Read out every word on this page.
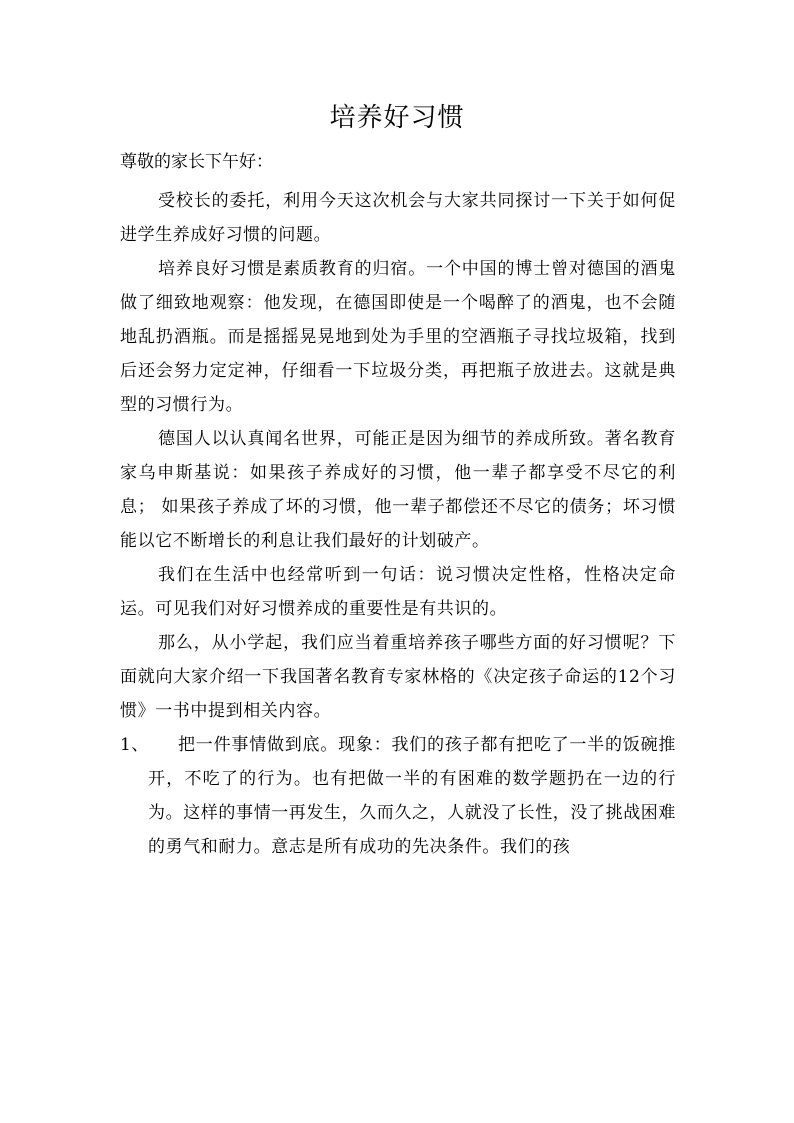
培养好习惯
尊敬的家长下午好：

受校长的委托，利用今天这次机会与大家共同探讨一下关于如何促进学生养成好习惯的问题。

培养良好习惯是素质教育的归宿。一个中国的博士曾对德国的酒鬼做了细致地观察：他发现，在德国即使是一个喝醉了的酒鬼，也不会随地乱扔酒瓶。而是摇摇晃晃地到处为手里的空酒瓶子寻找垃圾箱，找到后还会努力定定神，仔细看一下垃圾分类，再把瓶子放进去。这就是典型的习惯行为。

德国人以认真闻名世界，可能正是因为细节的养成所致。著名教育家乌申斯基说：如果孩子养成好的习惯，他一辈子都享受不尽它的利息； 如果孩子养成了坏的习惯，他一辈子都偿还不尽它的债务；坏习惯能以它不断增长的利息让我们最好的计划破产。

我们在生活中也经常听到一句话：说习惯决定性格，性格决定命运。可见我们对好习惯养成的重要性是有共识的。

那么，从小学起，我们应当着重培养孩子哪些方面的好习惯呢？下面就向大家介绍一下我国著名教育专家林格的《决定孩子命运的12个习惯》一书中提到相关内容。

1、	把一件事情做到底。现象：我们的孩子都有把吃了一半的饭碗推开，不吃了的行为。也有把做一半的有困难的数学题扔在一边的行为。这样的事情一再发生，久而久之，人就没了长性，没了挑战困难的勇气和耐力。意志是所有成功的先决条件。我们的孩
